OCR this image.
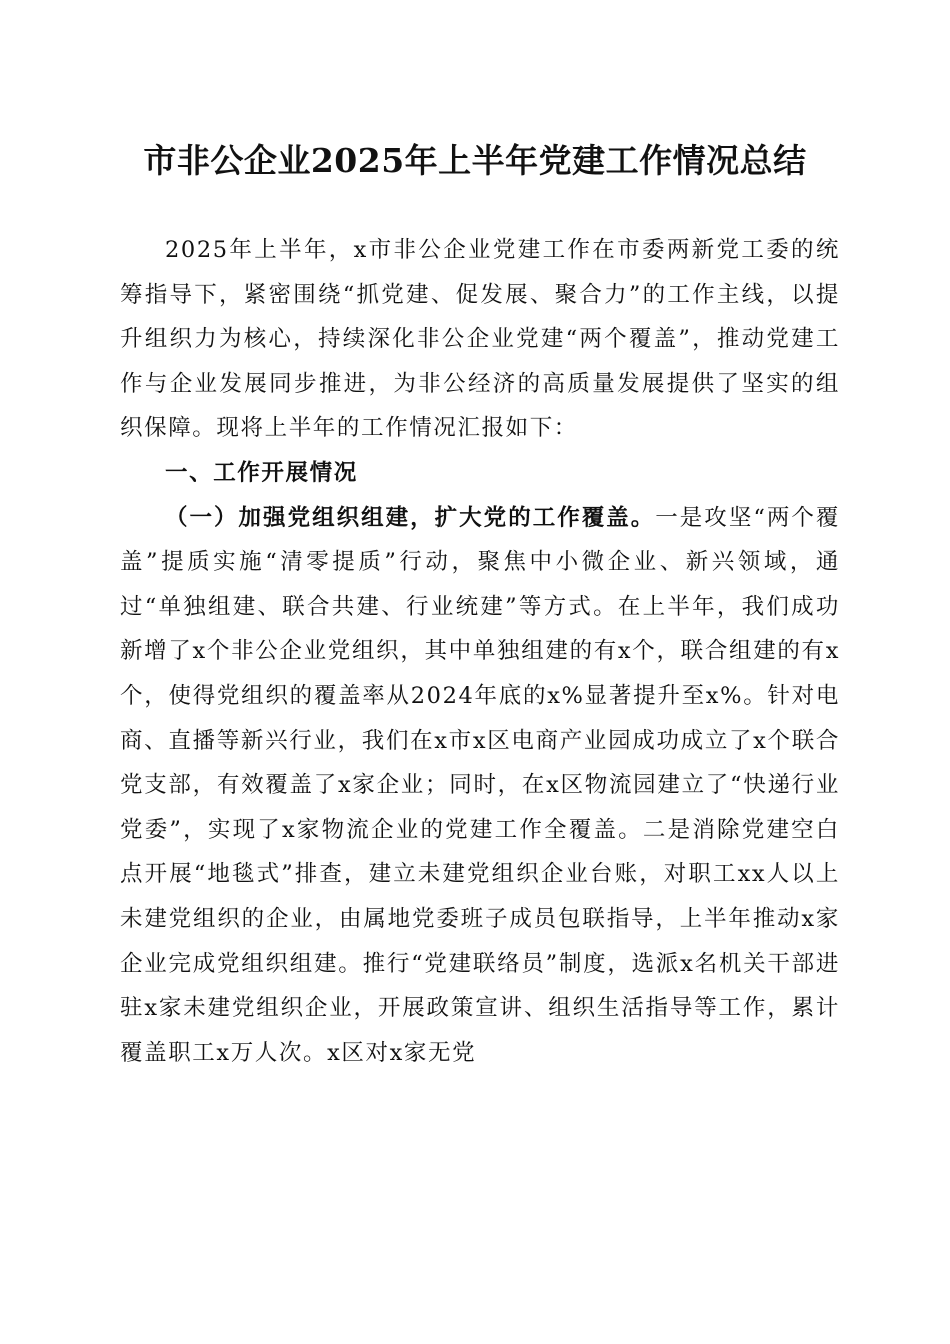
市非公企业2025年上半年党建工作情况总结

2025年上半年，x市非公企业党建工作在市委两新党工委的统筹指导下，紧密围绕“抓党建、促发展、聚合力”的工作主线，以提升组织力为核心，持续深化非公企业党建“两个覆盖”，推动党建工作与企业发展同步推进，为非公经济的高质量发展提供了坚实的组织保障。现将上半年的工作情况汇报如下：

一、工作开展情况

（一）加强党组织组建，扩大党的工作覆盖。一是攻坚“两个覆盖”提质实施“清零提质”行动，聚焦中小微企业、新兴领域，通过“单独组建、联合共建、行业统建”等方式。在上半年，我们成功新增了x个非公企业党组织，其中单独组建的有x个，联合组建的有x个，使得党组织的覆盖率从2024年底的x%显著提升至x%。针对电商、直播等新兴行业，我们在x市x区电商产业园成功成立了x个联合党支部，有效覆盖了x家企业；同时，在x区物流园建立了“快递行业党委”，实现了x家物流企业的党建工作全覆盖。二是消除党建空白点开展“地毯式”排查，建立未建党组织企业台账，对职工xx人以上未建党组织的企业，由属地党委班子成员包联指导，上半年推动x家企业完成党组织组建。推行“党建联络员”制度，选派x名机关干部进驻x家未建党组织企业，开展政策宣讲、组织生活指导等工作，累计覆盖职工x万人次。x区对x家无党
